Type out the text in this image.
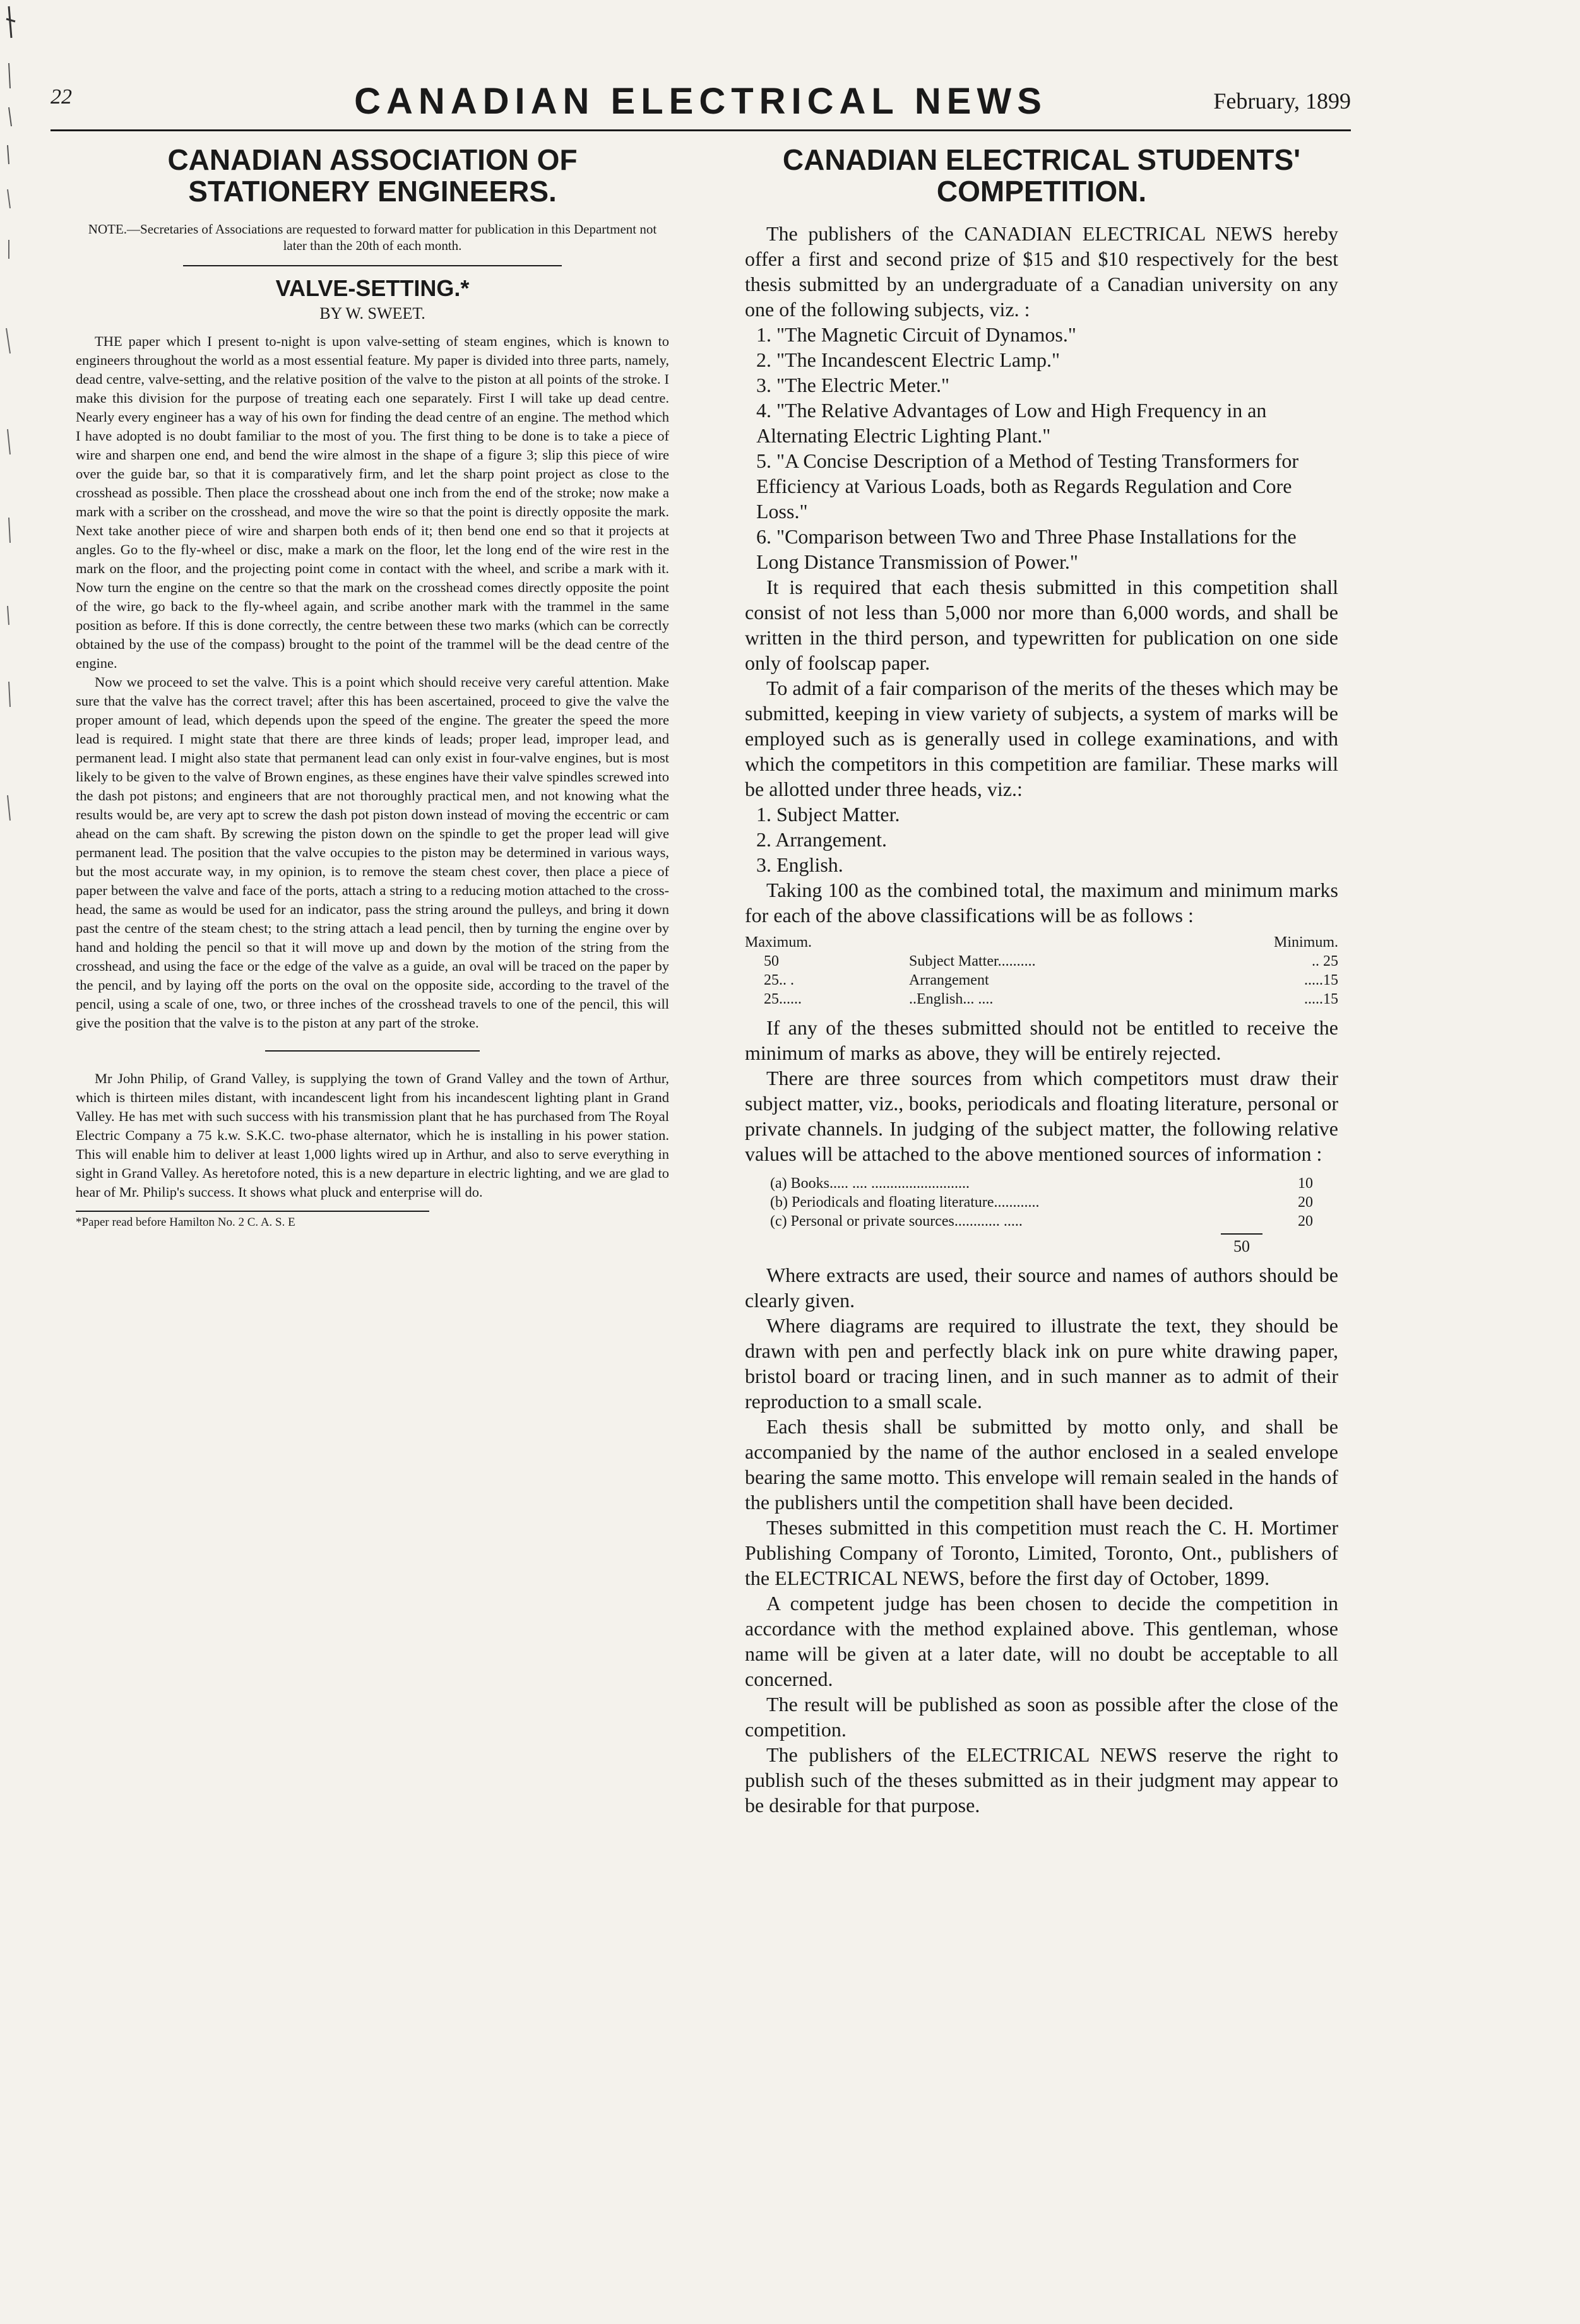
22	CANADIAN ELECTRICAL NEWS	February, 1899
CANADIAN ASSOCIATION OF STATIONERY ENGINEERS.

NOTE.—Secretaries of Associations are requested to forward matter for publication in this Department not later than the 20th of each month.

VALVE-SETTING.*
BY W. SWEET.

THE paper which I present to-night is upon valve-setting of steam engines, which is known to engineers throughout the world as a most essential feature. My paper is divided into three parts, namely, dead centre, valve-setting, and the relative position of the valve to the piston at all points of the stroke. I make this division for the purpose of treating each one separately. First I will take up dead centre. Nearly every engineer has a way of his own for finding the dead centre of an engine. The method which I have adopted is no doubt familiar to the most of you. The first thing to be done is to take a piece of wire and sharpen one end, and bend the wire almost in the shape of a figure 3; slip this piece of wire over the guide bar, so that it is comparatively firm, and let the sharp point project as close to the crosshead as possible. Then place the crosshead about one inch from the end of the stroke; now make a mark with a scriber on the crosshead, and move the wire so that the point is directly opposite the mark. Next take another piece of wire and sharpen both ends of it; then bend one end so that it projects at angles. Go to the fly-wheel or disc, make a mark on the floor, let the long end of the wire rest in the mark on the floor, and the projecting point come in contact with the wheel, and scribe a mark with it. Now turn the engine on the centre so that the mark on the crosshead comes directly opposite the point of the wire, go back to the fly-wheel again, and scribe another mark with the trammel in the same position as before. If this is done correctly, the centre between these two marks (which can be correctly obtained by the use of the compass) brought to the point of the trammel will be the dead centre of the engine.

Now we proceed to set the valve. This is a point which should receive very careful attention. Make sure that the valve has the correct travel; after this has been ascertained, proceed to give the valve the proper amount of lead, which depends upon the speed of the engine. The greater the speed the more lead is required. I might state that there are three kinds of leads; proper lead, improper lead, and permanent lead. I might also state that permanent lead can only exist in four-valve engines, but is most likely to be given to the valve of Brown engines, as these engines have their valve spindles screwed into the dash pot pistons; and engineers that are not thoroughly practical men, and not knowing what the results would be, are very apt to screw the dash pot piston down instead of moving the eccentric or cam ahead on the cam shaft. By screwing the piston down on the spindle to get the proper lead will give permanent lead. The position that the valve occupies to the piston may be determined in various ways, but the most accurate way, in my opinion, is to remove the steam chest cover, then place a piece of paper between the valve and face of the ports, attach a string to a reducing motion attached to the cross-head, the same as would be used for an indicator, pass the string around the pulleys, and bring it down past the centre of the steam chest; to the string attach a lead pencil, then by turning the engine over by hand and holding the pencil so that it will move up and down by the motion of the string from the crosshead, and using the face or the edge of the valve as a guide, an oval will be traced on the paper by the pencil, and by laying off the ports on the oval on the opposite side, according to the travel of the pencil, using a scale of one, two, or three inches of the crosshead travels to one of the pencil, this will give the position that the valve is to the piston at any part of the stroke.

Mr John Philip, of Grand Valley, is supplying the town of Grand Valley and the town of Arthur, which is thirteen miles distant, with incandescent light from his incandescent lighting plant in Grand Valley. He has met with such success with his transmission plant that he has purchased from The Royal Electric Company a 75 k.w. S.K.C. two-phase alternator, which he is installing in his power station. This will enable him to deliver at least 1,000 lights wired up in Arthur, and also to serve everything in sight in Grand Valley. As heretofore noted, this is a new departure in electric lighting, and we are glad to hear of Mr. Philip's success. It shows what pluck and enterprise will do.

*Paper read before Hamilton No. 2 C. A. S. E
CANADIAN ELECTRICAL STUDENTS' COMPETITION.

The publishers of the CANADIAN ELECTRICAL NEWS hereby offer a first and second prize of $15 and $10 respectively for the best thesis submitted by an undergraduate of a Canadian university on any one of the following subjects, viz. :

1. "The Magnetic Circuit of Dynamos."
2. "The Incandescent Electric Lamp."
3. "The Electric Meter."
4. "The Relative Advantages of Low and High Frequency in an Alternating Electric Lighting Plant."
5. "A Concise Description of a Method of Testing Transformers for Efficiency at Various Loads, both as Regards Regulation and Core Loss."
6. "Comparison between Two and Three Phase Installations for the Long Distance Transmission of Power."

It is required that each thesis submitted in this competition shall consist of not less than 5,000 nor more than 6,000 words, and shall be written in the third person, and typewritten for publication on one side only of foolscap paper.

To admit of a fair comparison of the merits of the theses which may be submitted, keeping in view variety of subjects, a system of marks will be employed such as is generally used in college examinations, and with which the competitors in this competition are familiar. These marks will be allotted under three heads, viz.:

1. Subject Matter.
2. Arrangement.
3. English.

Taking 100 as the combined total, the maximum and minimum marks for each of the above classifications will be as follows :

Maximum.	Minimum.
50	Subject Matter..........	.. 25
25.. .	Arrangement	.....15
25......	..English... ....	.....15

If any of the theses submitted should not be entitled to receive the minimum of marks as above, they will be entirely rejected.

There are three sources from which competitors must draw their subject matter, viz., books, periodicals and floating literature, personal or private channels. In judging of the subject matter, the following relative values will be attached to the above mentioned sources of information :

(a) Books..... .... ..........................	10
(b) Periodicals and floating literature............	20
(c) Personal or private sources............ .....	20
50

Where extracts are used, their source and names of authors should be clearly given.

Where diagrams are required to illustrate the text, they should be drawn with pen and perfectly black ink on pure white drawing paper, bristol board or tracing linen, and in such manner as to admit of their reproduction to a small scale.

Each thesis shall be submitted by motto only, and shall be accompanied by the name of the author enclosed in a sealed envelope bearing the same motto. This envelope will remain sealed in the hands of the publishers until the competition shall have been decided.

Theses submitted in this competition must reach the C. H. Mortimer Publishing Company of Toronto, Limited, Toronto, Ont., publishers of the ELECTRICAL NEWS, before the first day of October, 1899.

A competent judge has been chosen to decide the competition in accordance with the method explained above. This gentleman, whose name will be given at a later date, will no doubt be acceptable to all concerned.

The result will be published as soon as possible after the close of the competition.

The publishers of the ELECTRICAL NEWS reserve the right to publish such of the theses submitted as in their judgment may appear to be desirable for that purpose.
